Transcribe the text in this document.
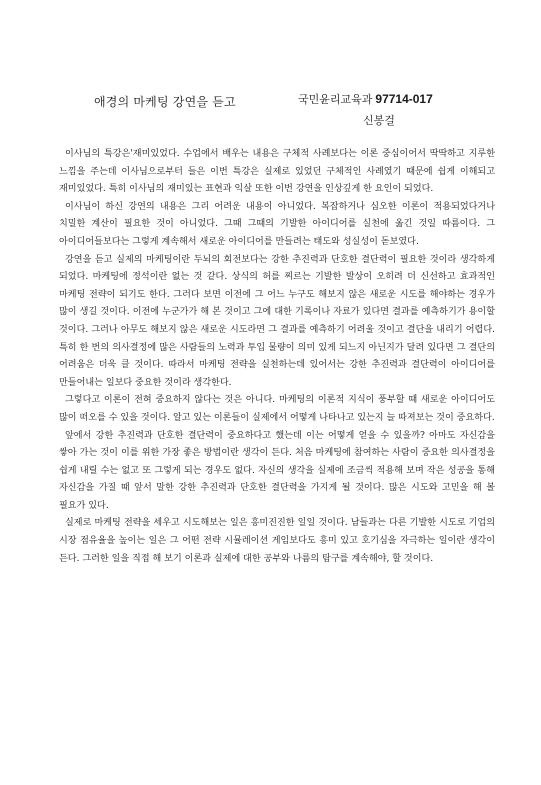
애경의 마케팅 강연을 듣고	국민윤리교육과 97714-017
신봉걸

이사님의 특강은'재미있었다. 수업에서 배우는 내용은 구체적 사례보다는 이론 중심이어서 딱딱하고 지루한 느낌을 주는데 이사님으로부터 들은 이번 특강은 실제로 있었던 구체적인 사례였기 때문에 쉽게 이해되고 재미있었다. 특히 이사님의 재미있는 표현과 익살 또한 이번 강연을 인상깊게 한 요인이 되었다.

이사님이 하신 강연의 내용은 그리 어려운 내용이 아니었다. 복잡하거나 심오한 이론이 적용되었다거나 치밀한 계산이 필요한 것이 아니었다. 그때 그때의 기발한 아이디어를 실천에 옮긴 것일 따름이다. 그 아이디어들보다는 그렇게 계속해서 새로운 아이디어를 만들려는 태도와 성실성이 돋보였다.

강연을 듣고 실제의 마케팅이란 두뇌의 회전보다는 강한 추진력과 단호한 결단력이 필요한 것이라 생각하게 되었다. 마케팅에 정석이란 없는 것 같다. 상식의 허를 찌르는 기발한 발상이 오히려 더 신선하고 효과적인 마케팅 전략이 되기도 한다. 그러다 보면 이전에 그 어느 누구도 해보지 않은 새로운 시도를 해야하는 경우가 많이 생길 것이다. 이전에 누군가가 해 본 것이고 그에 대한 기록이나 자료가 있다면 결과를 예측하기가 용이할 것이다. 그러나 아무도 해보지 않은 새로운 시도라면 그 결과를 예측하기 어려울 것이고 결단을 내리기 어렵다. 특히 한 번의 의사결정에 많은 사람들의 노력과 투입 물량이 의미 있게 되느지 아닌지가 달려 있다면 그 결단의 어려움은 더욱 클 것이다. 따라서 마케팅 전략을 실천하는데 있어서는 강한 추진력과 결단력이 아이디어를 만들어내는 일보다 중요한 것이라 생각한다.

그렇다고 이론이 전혀 중요하지 않다는 것은 아니다. 마케팅의 이론적 지식이 풍부할 때 새로운 아이디어도 많이 떠오를 수 있을 것이다. 알고 있는 이론들이 실제에서 어떻게 나타나고 있는지 늘 따져보는 것이 중요하다.

앞에서 강한 추진력과 단호한 결단력이 중요하다고 했는데 이는 어떻게 얻을 수 있을까? 아마도 자신감을 쌓아 가는 것이 이를 위한 가장 좋은 방법이란 생각이 든다. 처음 마케팅에 참여하는 사람이 중요한 의사결정을 쉽게 내릴 수는 없고 또 그렇게 되는 경우도 없다. 자신의 생각을 실제에 조금씩 적용해 보며 작은 성공을 통해 자신감을 가질 때 앞서 말한 강한 추진력과 단호한 결단력을 가지게 될 것이다. 많은 시도와 고민을 해 볼 필요가 있다.

실제로 마케팅 전략을 세우고 시도해보는 일은 흥미진진한 일일 것이다. 남들과는 다른 기발한 시도로 기업의 시장 점유율을 높이는 일은 그 어떤 전략 시뮬레이션 게임보다도 흥미 있고 호기심을 자극하는 일이란 생각이 든다. 그러한 일을 직접 해 보기 이론과 실제에 대한 공부와 나름의 탐구를 계속해야, 할 것이다.
